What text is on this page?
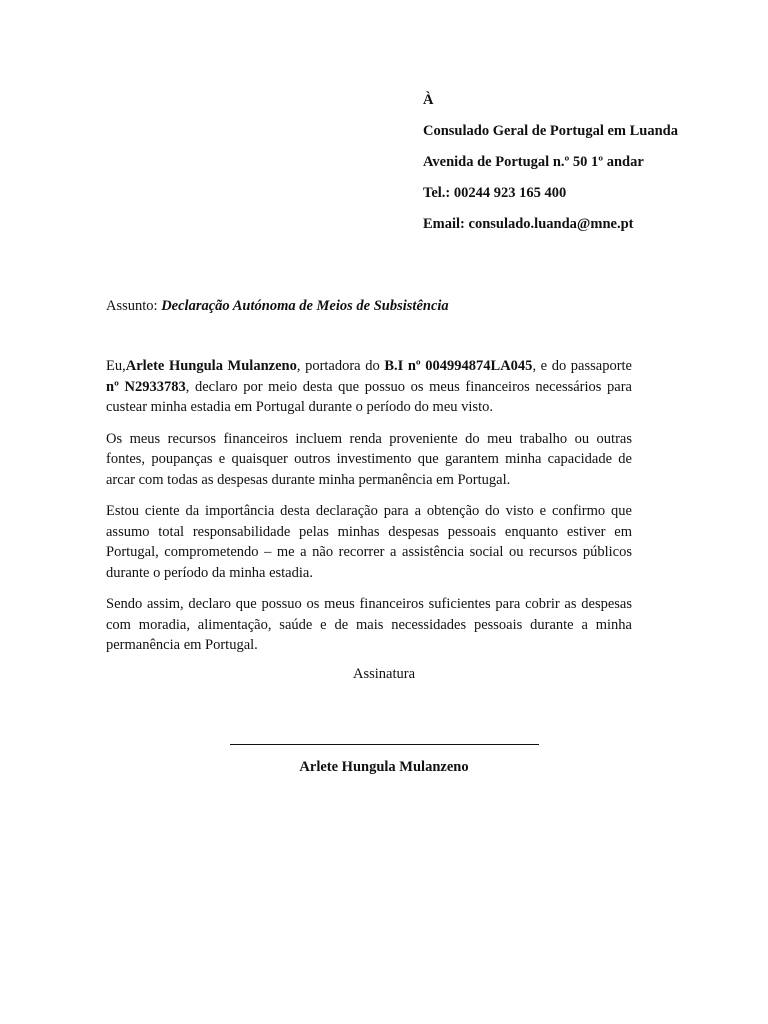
À
Consulado Geral de Portugal em Luanda
Avenida de Portugal n.º 50 1º andar
Tel.: 00244 923 165 400
Email: consulado.luanda@mne.pt
Assunto: Declaração Autónoma de Meios de Subsistência

Eu,Arlete Hungula Mulanzeno, portadora do B.I nº 004994874LA045, e do passaporte nº N2933783, declaro por meio desta que possuo os meus financeiros necessários para custear minha estadia em Portugal durante o período do meu visto.

Os meus recursos financeiros incluem renda proveniente do meu trabalho ou outras fontes, poupanças e quaisquer outros investimento que garantem minha capacidade de arcar com todas as despesas durante minha permanência em Portugal.

Estou ciente da importância desta declaração para a obtenção do visto e confirmo que assumo total responsabilidade pelas minhas despesas pessoais enquanto estiver em Portugal, comprometendo – me a não recorrer a assistência social ou recursos públicos durante o período da minha estadia.

Sendo assim, declaro que possuo os meus financeiros suficientes para cobrir as despesas com moradia, alimentação, saúde e de mais necessidades pessoais durante a minha permanência em Portugal.

Assinatura
Arlete Hungula Mulanzeno
